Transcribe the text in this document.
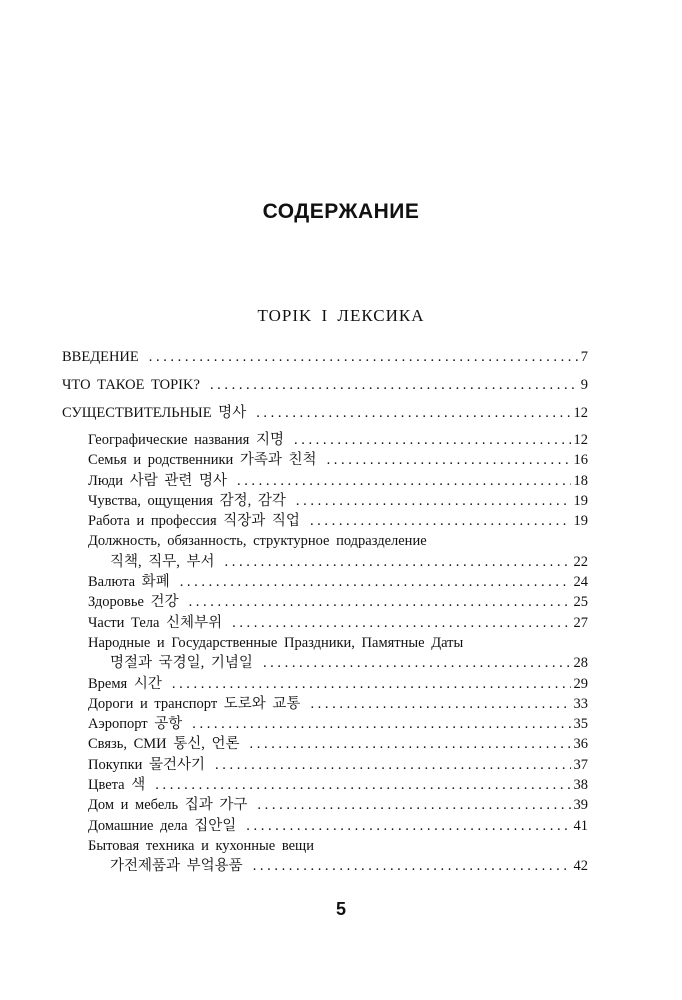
СОДЕРЖАНИЕ
TOPIK I ЛЕКСИКА
ВВЕДЕНИЕ .....	7
ЧТО ТАКОЕ TOPIK? .....	9
СУЩЕСТВИТЕЛЬНЫЕ 명사 .....	12
Географические названия 지명 .....	12
Семья и родственники 가족과 친척 .....	16
Люди 사람 관련 명사 .....	18
Чувства, ощущения 감정, 감각 .....	19
Работа и профессия 직장과 직업 .....	19
Должность, обязанность, структурное подразделение
직책, 직무, 부서 .....	22
Валюта 화폐 .....	24
Здоровье 건강 .....	25
Части Тела 신체부위 .....	27
Народные и Государственные Праздники, Памятные Даты
명절과 국경일, 기념일 .....	28
Время 시간 .....	29
Дороги и транспорт 도로와 교통 .....	33
Аэропорт 공항 .....	35
Связь, СМИ 통신, 언론 .....	36
Покупки 물건사기 .....	37
Цвета 색 .....	38
Дом и мебель 집과 가구 .....	39
Домашние дела 집안일 .....	41
Бытовая техника и кухонные вещи
가전제품과 부엌용품 .....	42
5
